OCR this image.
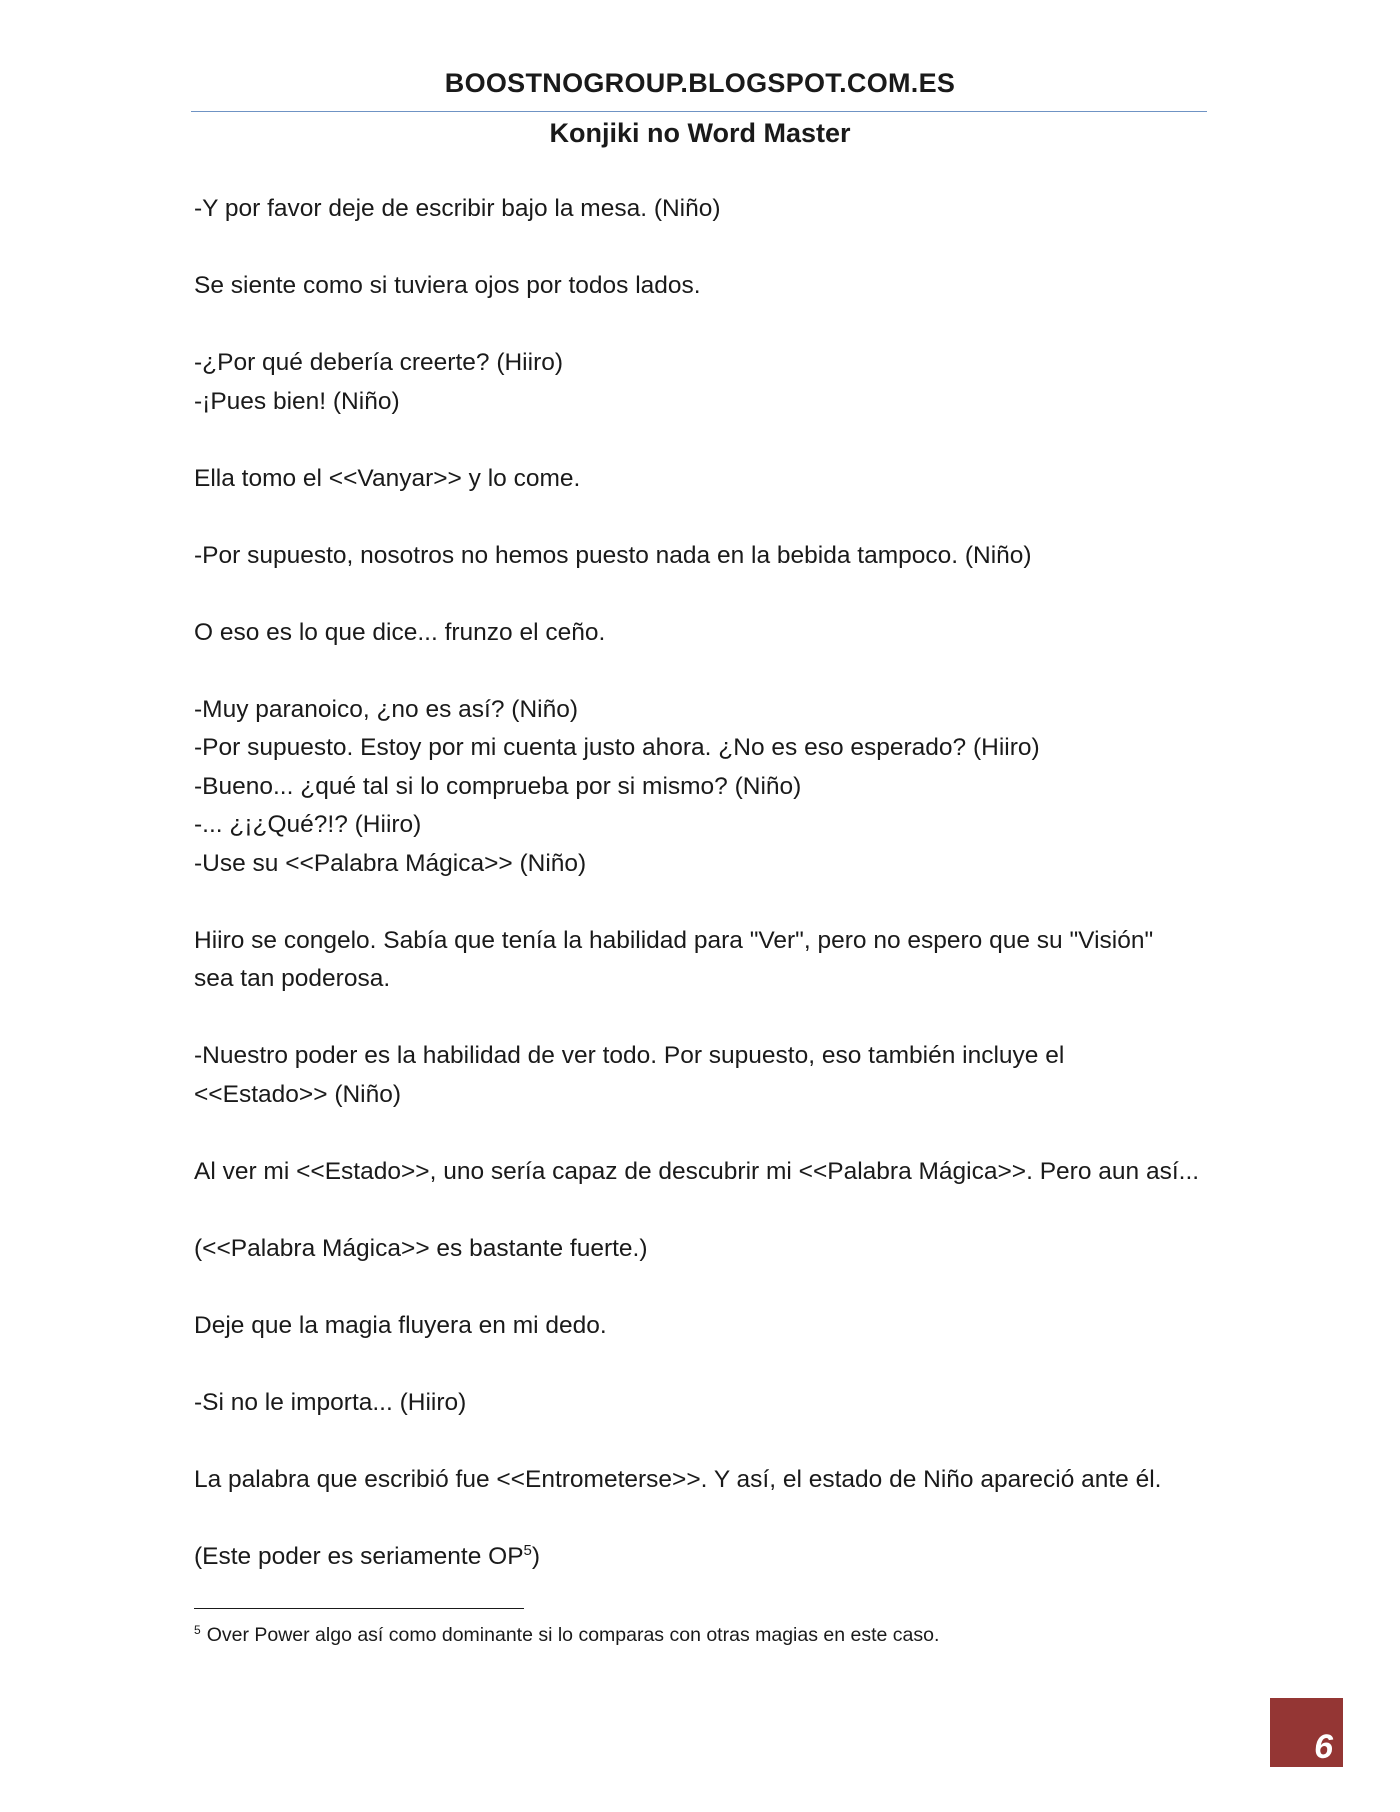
BOOSTNOGROUP.BLOGSPOT.COM.ES
Konjiki no Word Master
-Y por favor deje de escribir bajo la mesa. (Niño)
Se siente como si tuviera ojos por todos lados.
-¿Por qué debería creerte? (Hiiro)
-¡Pues bien! (Niño)
Ella tomo el <<Vanyar>> y lo come.
-Por supuesto, nosotros no hemos puesto nada en la bebida tampoco. (Niño)
O eso es lo que dice... frunzo el ceño.
-Muy paranoico, ¿no es así? (Niño)
-Por supuesto. Estoy por mi cuenta justo ahora. ¿No es eso esperado? (Hiiro)
-Bueno... ¿qué tal si lo comprueba por si mismo? (Niño)
-... ¿¡¿Qué?!? (Hiiro)
-Use su <<Palabra Mágica>> (Niño)
Hiiro se congelo. Sabía que tenía la habilidad para "Ver", pero no espero que su "Visión"
sea tan poderosa.
-Nuestro poder es la habilidad de ver todo. Por supuesto, eso también incluye el
<<Estado>> (Niño)
Al ver mi <<Estado>>, uno sería capaz de descubrir mi <<Palabra Mágica>>. Pero aun así...
(<<Palabra Mágica>> es bastante fuerte.)
Deje que la magia fluyera en mi dedo.
-Si no le importa... (Hiiro)
La palabra que escribió fue <<Entrometerse>>. Y así, el estado de Niño apareció ante él.
(Este poder es seriamente OP$^5$)
$^5$ Over Power algo así como dominante si lo comparas con otras magias en este caso.
6
